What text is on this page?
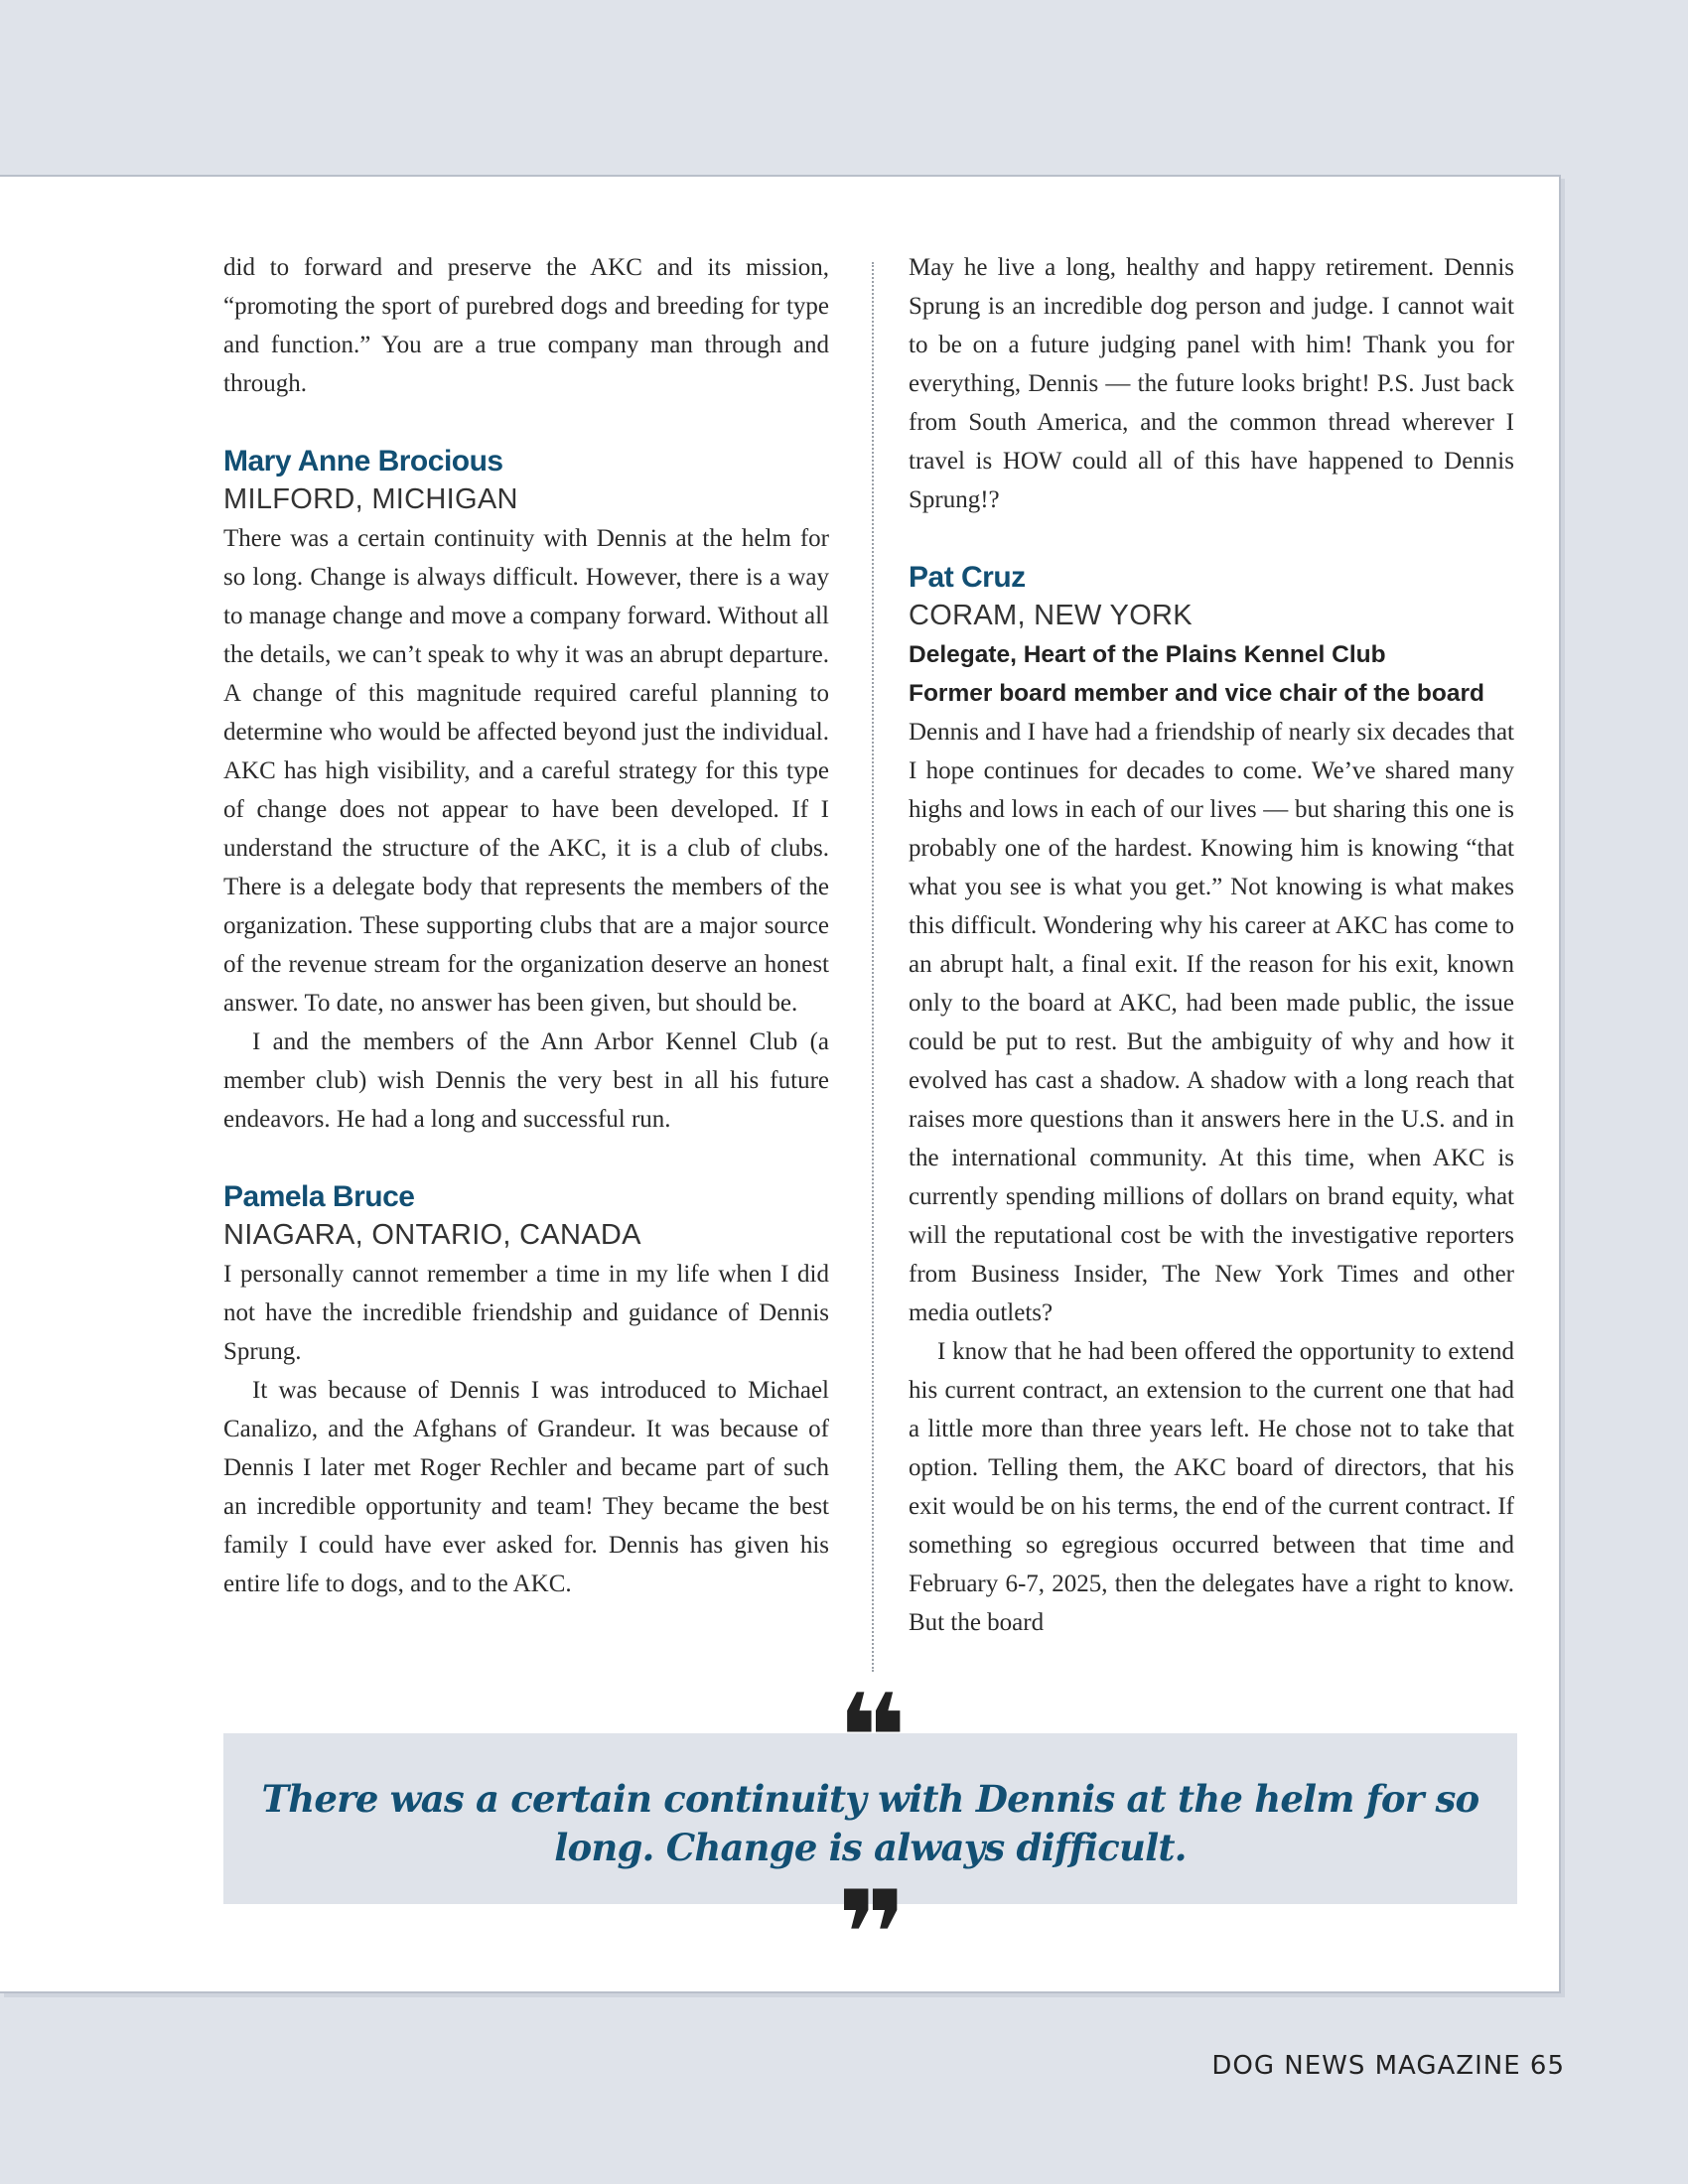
did to forward and preserve the AKC and its mission, “promoting the sport of purebred dogs and breeding for type and function.” You are a true company man through and through.

Mary Anne Brocious
MILFORD, MICHIGAN

There was a certain continuity with Dennis at the helm for so long. Change is always difficult. However, there is a way to manage change and move a company forward. Without all the details, we can’t speak to why it was an abrupt departure. A change of this magnitude required careful planning to determine who would be affected beyond just the individual. AKC has high visibility, and a careful strategy for this type of change does not appear to have been developed. If I understand the structure of the AKC, it is a club of clubs. There is a delegate body that represents the members of the organization. These supporting clubs that are a major source of the revenue stream for the organization deserve an honest answer. To date, no answer has been given, but should be.

I and the members of the Ann Arbor Kennel Club (a member club) wish Dennis the very best in all his future endeavors. He had a long and successful run.

Pamela Bruce
NIAGARA, ONTARIO, CANADA

I personally cannot remember a time in my life when I did not have the incredible friendship and guidance of Dennis Sprung.

It was because of Dennis I was introduced to Michael Canalizo, and the Afghans of Grandeur. It was because of Dennis I later met Roger Rechler and became part of such an incredible opportunity and team! They became the best family I could have ever asked for. Dennis has given his entire life to dogs, and to the AKC.

May he live a long, healthy and happy retirement. Dennis Sprung is an incredible dog person and judge. I cannot wait to be on a future judging panel with him! Thank you for everything, Dennis — the future looks bright! P.S. Just back from South America, and the common thread wherever I travel is HOW could all of this have happened to Dennis Sprung!?

Pat Cruz
CORAM, NEW YORK
Delegate, Heart of the Plains Kennel Club
Former board member and vice chair of the board

Dennis and I have had a friendship of nearly six decades that I hope continues for decades to come. We’ve shared many highs and lows in each of our lives — but sharing this one is probably one of the hardest. Knowing him is knowing “that what you see is what you get.” Not knowing is what makes this difficult. Wondering why his career at AKC has come to an abrupt halt, a final exit. If the reason for his exit, known only to the board at AKC, had been made public, the issue could be put to rest. But the ambiguity of why and how it evolved has cast a shadow. A shadow with a long reach that raises more questions than it answers here in the U.S. and in the international community. At this time, when AKC is currently spending millions of dollars on brand equity, what will the reputational cost be with the investigative reporters from Business Insider, The New York Times and other media outlets?

I know that he had been offered the opportunity to extend his current contract, an extension to the current one that had a little more than three years left. He chose not to take that option. Telling them, the AKC board of directors, that his exit would be on his terms, the end of the current contract. If something so egregious occurred between that time and February 6-7, 2025, then the delegates have a right to know. But the board

There was a certain continuity with Dennis at the helm for so
long. Change is always difficult.
❝
❞
DOG NEWS MAGAZINE 65
